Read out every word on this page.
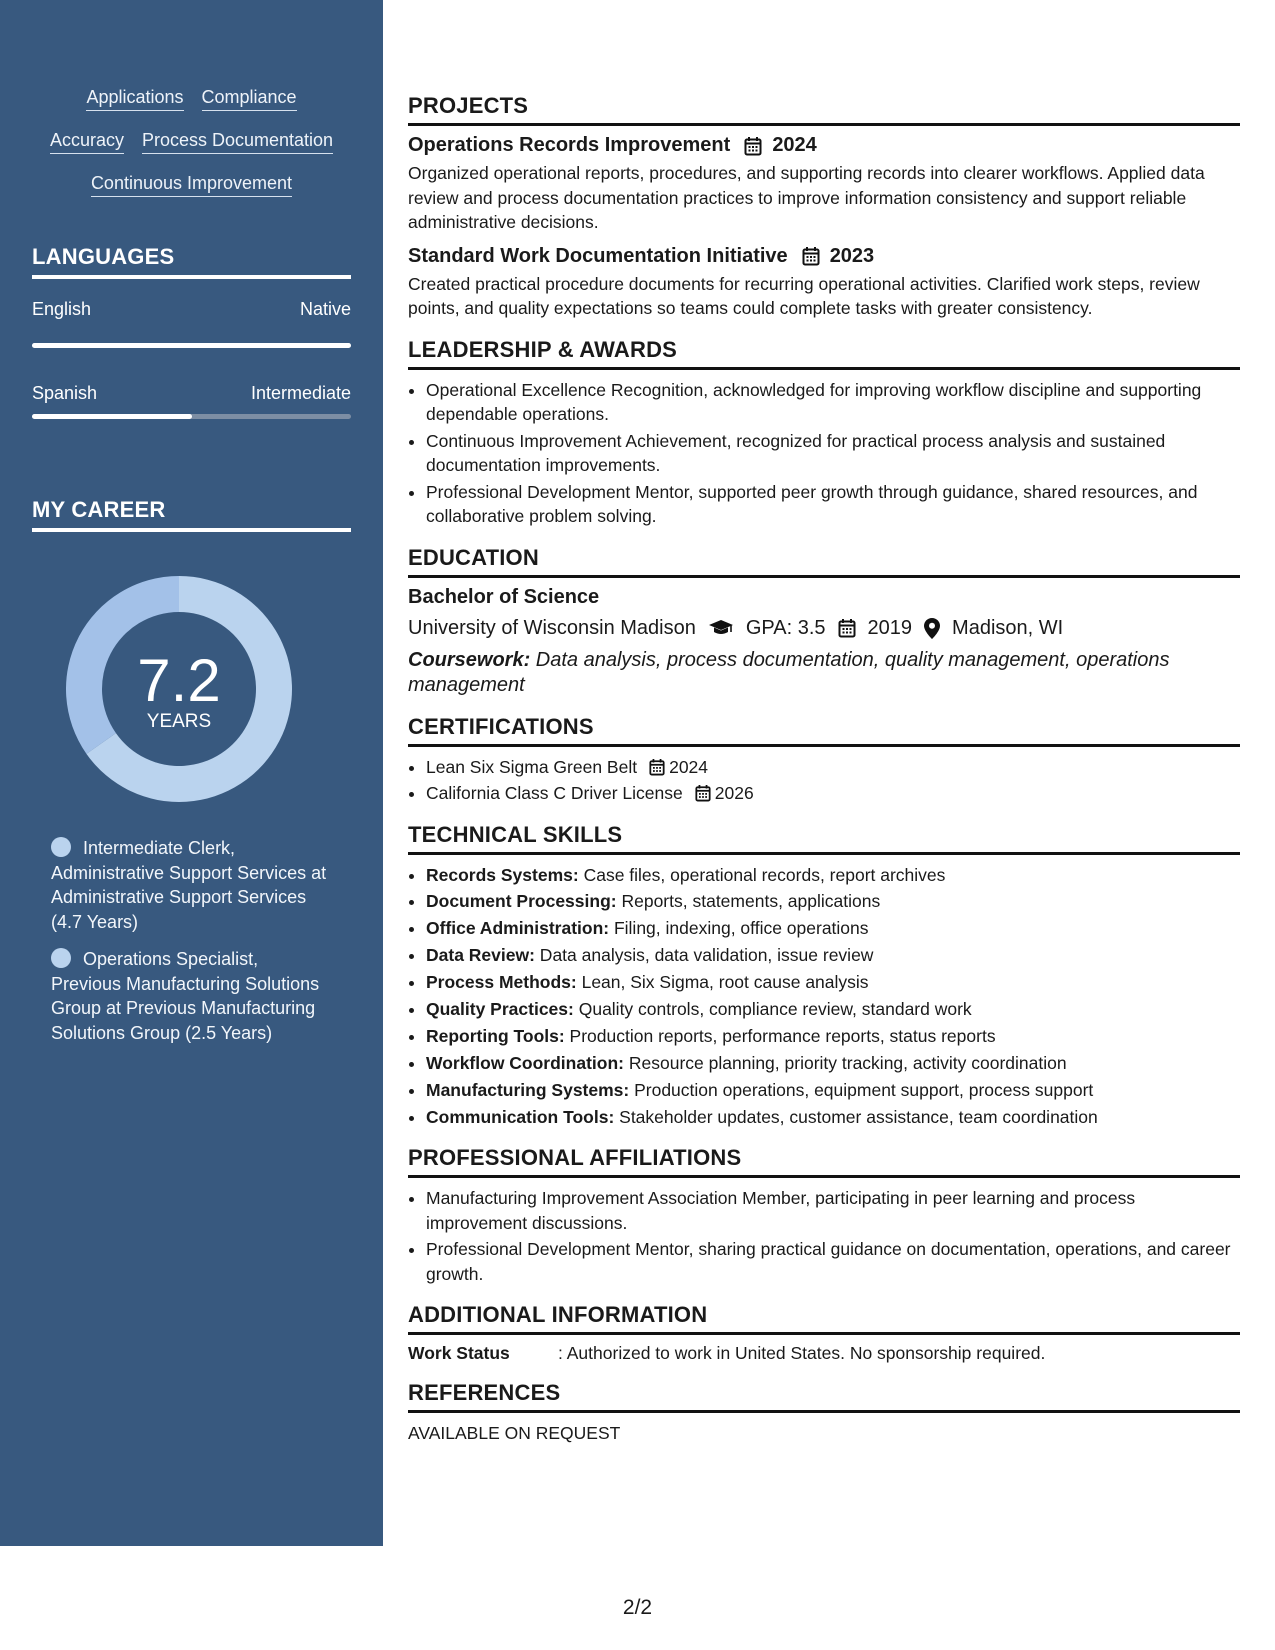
Applications Compliance
Accuracy Process Documentation
Continuous Improvement
LANGUAGES
English	Native
Spanish	Intermediate
MY CAREER
7.2
YEARS
Intermediate Clerk, Administrative Support Services at Administrative Support Services (4.7 Years)
Operations Specialist, Previous Manufacturing Solutions Group at Previous Manufacturing Solutions Group (2.5 Years)
PROJECTS
Operations Records Improvement 2024
Organized operational reports, procedures, and supporting records into clearer workflows. Applied data review and process documentation practices to improve information consistency and support reliable administrative decisions.
Standard Work Documentation Initiative 2023
Created practical procedure documents for recurring operational activities. Clarified work steps, review points, and quality expectations so teams could complete tasks with greater consistency.
LEADERSHIP & AWARDS
• Operational Excellence Recognition, acknowledged for improving workflow discipline and supporting dependable operations.
• Continuous Improvement Achievement, recognized for practical process analysis and sustained documentation improvements.
• Professional Development Mentor, supported peer growth through guidance, shared resources, and collaborative problem solving.
EDUCATION
Bachelor of Science
University of Wisconsin Madison	GPA: 3.5 2019 Madison, WI
Coursework: Data analysis, process documentation, quality management, operations management
CERTIFICATIONS
• Lean Six Sigma Green Belt 2024
• California Class C Driver License 2026
TECHNICAL SKILLS
• Records Systems: Case files, operational records, report archives
• Document Processing: Reports, statements, applications
• Office Administration: Filing, indexing, office operations
• Data Review: Data analysis, data validation, issue review
• Process Methods: Lean, Six Sigma, root cause analysis
• Quality Practices: Quality controls, compliance review, standard work
• Reporting Tools: Production reports, performance reports, status reports
• Workflow Coordination: Resource planning, priority tracking, activity coordination
• Manufacturing Systems: Production operations, equipment support, process support
• Communication Tools: Stakeholder updates, customer assistance, team coordination
PROFESSIONAL AFFILIATIONS
• Manufacturing Improvement Association Member, participating in peer learning and process improvement discussions.
• Professional Development Mentor, sharing practical guidance on documentation, operations, and career growth.
ADDITIONAL INFORMATION
Work Status	: Authorized to work in United States. No sponsorship required.
REFERENCES
AVAILABLE ON REQUEST
2/2
